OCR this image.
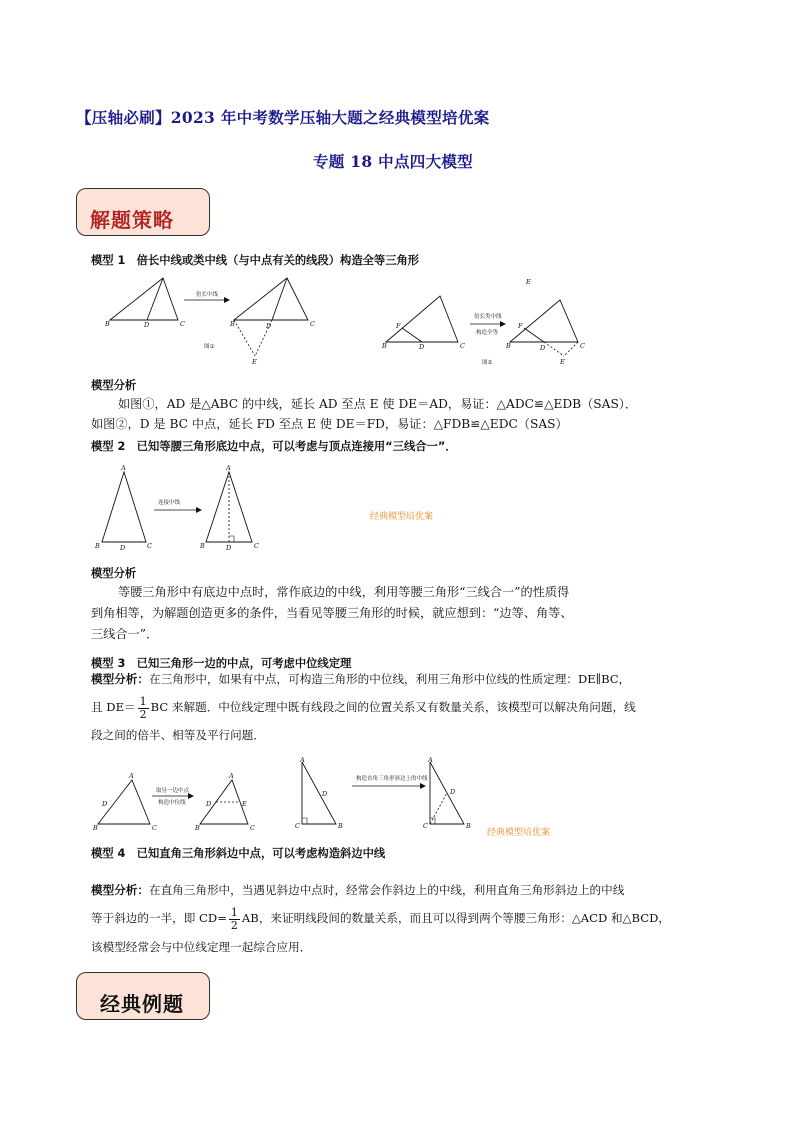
【压轴必刷】2023 年中考数学压轴大题之经典模型培优案
专题 18 中点四大模型
解题策略
模型 1　倍长中线或类中线（与中点有关的线段）构造全等三角形
B	D	C
倍长中线
B	D	C
E
图①
E
B	D	C
F
倍长类中线
构造全等
B	D	C
E
F
图②
模型分析
如图①，AD 是△ABC 的中线，延长 AD 至点 E 使 DE＝AD，易证：△ADC≌△EDB（SAS）．
如图②，D 是 BC 中点，延长 FD 至点 E 使 DE＝FD，易证：△FDB≌△EDC（SAS）
模型 2　已知等腰三角形底边中点，可以考虑与顶点连接用“三线合一”．
A
B	D	C
连接中线
A
B	D	C
经典模型培优案
模型分析
等腰三角形中有底边中点时，常作底边的中线，利用等腰三角形“三线合一”的性质得
到角相等，为解题创造更多的条件，当看见等腰三角形的时候，就应想到：“边等、角等、
三线合一”．
模型 3　已知三角形一边的中点，可考虑中位线定理
模型分析：在三角形中，如果有中点，可构造三角形的中位线，利用三角形中位线的性质定理：DE∥BC，
且 $DE= \frac{1}{2}$ BC 来解题．中位线定理中既有线段之间的位置关系又有数量关系，该模型可以解决角问题，线
段之间的倍半、相等及平行问题．
A
B	C
D
取另一边中点
构造中位线
A
B	C
D	E
A
C	B
D
构造直角三角形斜边上的中线
A
C	B
D
经典模型培优案
模型 4　已知直角三角形斜边中点，可以考虑构造斜边中线
模型分析：在直角三角形中，当遇见斜边中点时，经常会作斜边上的中线，利用直角三角形斜边上的中线
等于斜边的一半，即 $CD= \frac{1}{2}$ AB，来证明线段间的数量关系，而且可以得到两个等腰三角形：△ACD 和△BCD，
该模型经常会与中位线定理一起综合应用．
经典例题
